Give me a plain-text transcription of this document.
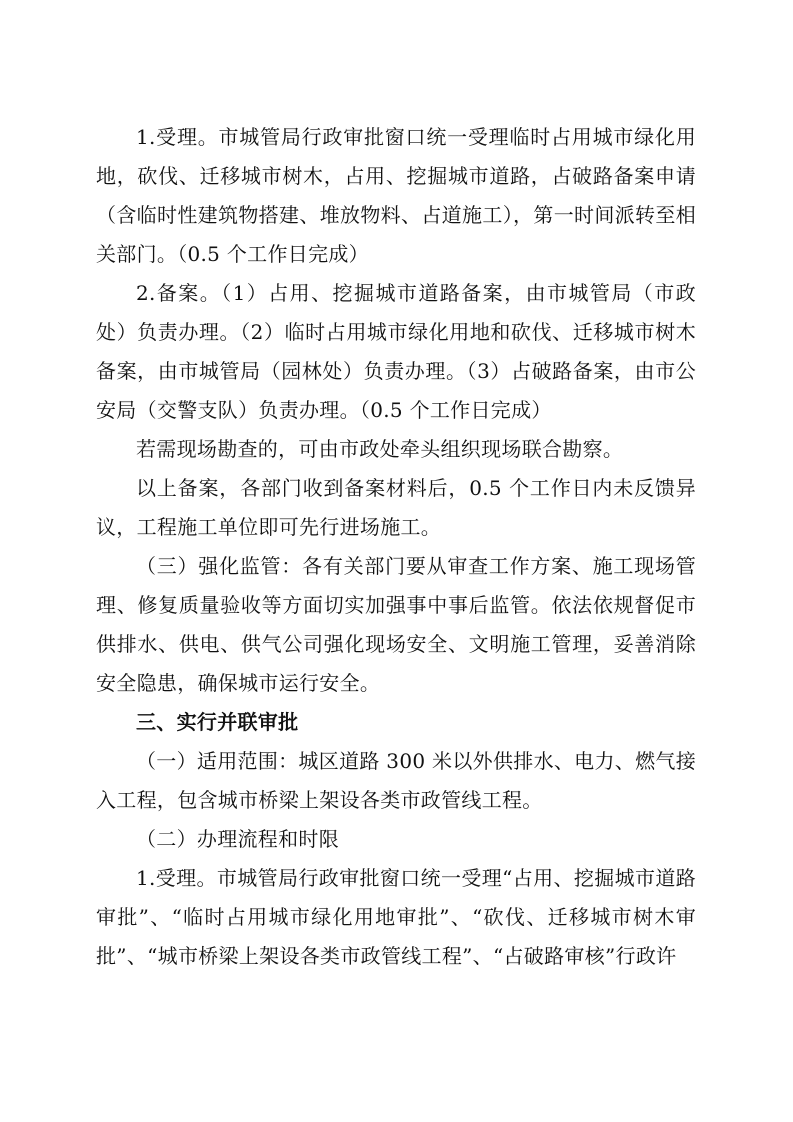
1.受理。市城管局行政审批窗口统一受理临时占用城市绿化用地，砍伐、迁移城市树木，占用、挖掘城市道路，占破路备案申请（含临时性建筑物搭建、堆放物料、占道施工），第一时间派转至相关部门。（0.5 个工作日完成）

2.备案。（1）占用、挖掘城市道路备案，由市城管局（市政处）负责办理。（2）临时占用城市绿化用地和砍伐、迁移城市树木备案，由市城管局（园林处）负责办理。（3）占破路备案，由市公安局（交警支队）负责办理。（0.5 个工作日完成）

若需现场勘查的，可由市政处牵头组织现场联合勘察。

以上备案，各部门收到备案材料后，0.5 个工作日内未反馈异议，工程施工单位即可先行进场施工。

（三）强化监管：各有关部门要从审查工作方案、施工现场管理、修复质量验收等方面切实加强事中事后监管。依法依规督促市供排水、供电、供气公司强化现场安全、文明施工管理，妥善消除安全隐患，确保城市运行安全。

三、实行并联审批

（一）适用范围：城区道路 300 米以外供排水、电力、燃气接入工程，包含城市桥梁上架设各类市政管线工程。

（二）办理流程和时限

1.受理。市城管局行政审批窗口统一受理“占用、挖掘城市道路审批”、“临时占用城市绿化用地审批”、“砍伐、迁移城市树木审批”、“城市桥梁上架设各类市政管线工程”、“占破路审核”行政许
